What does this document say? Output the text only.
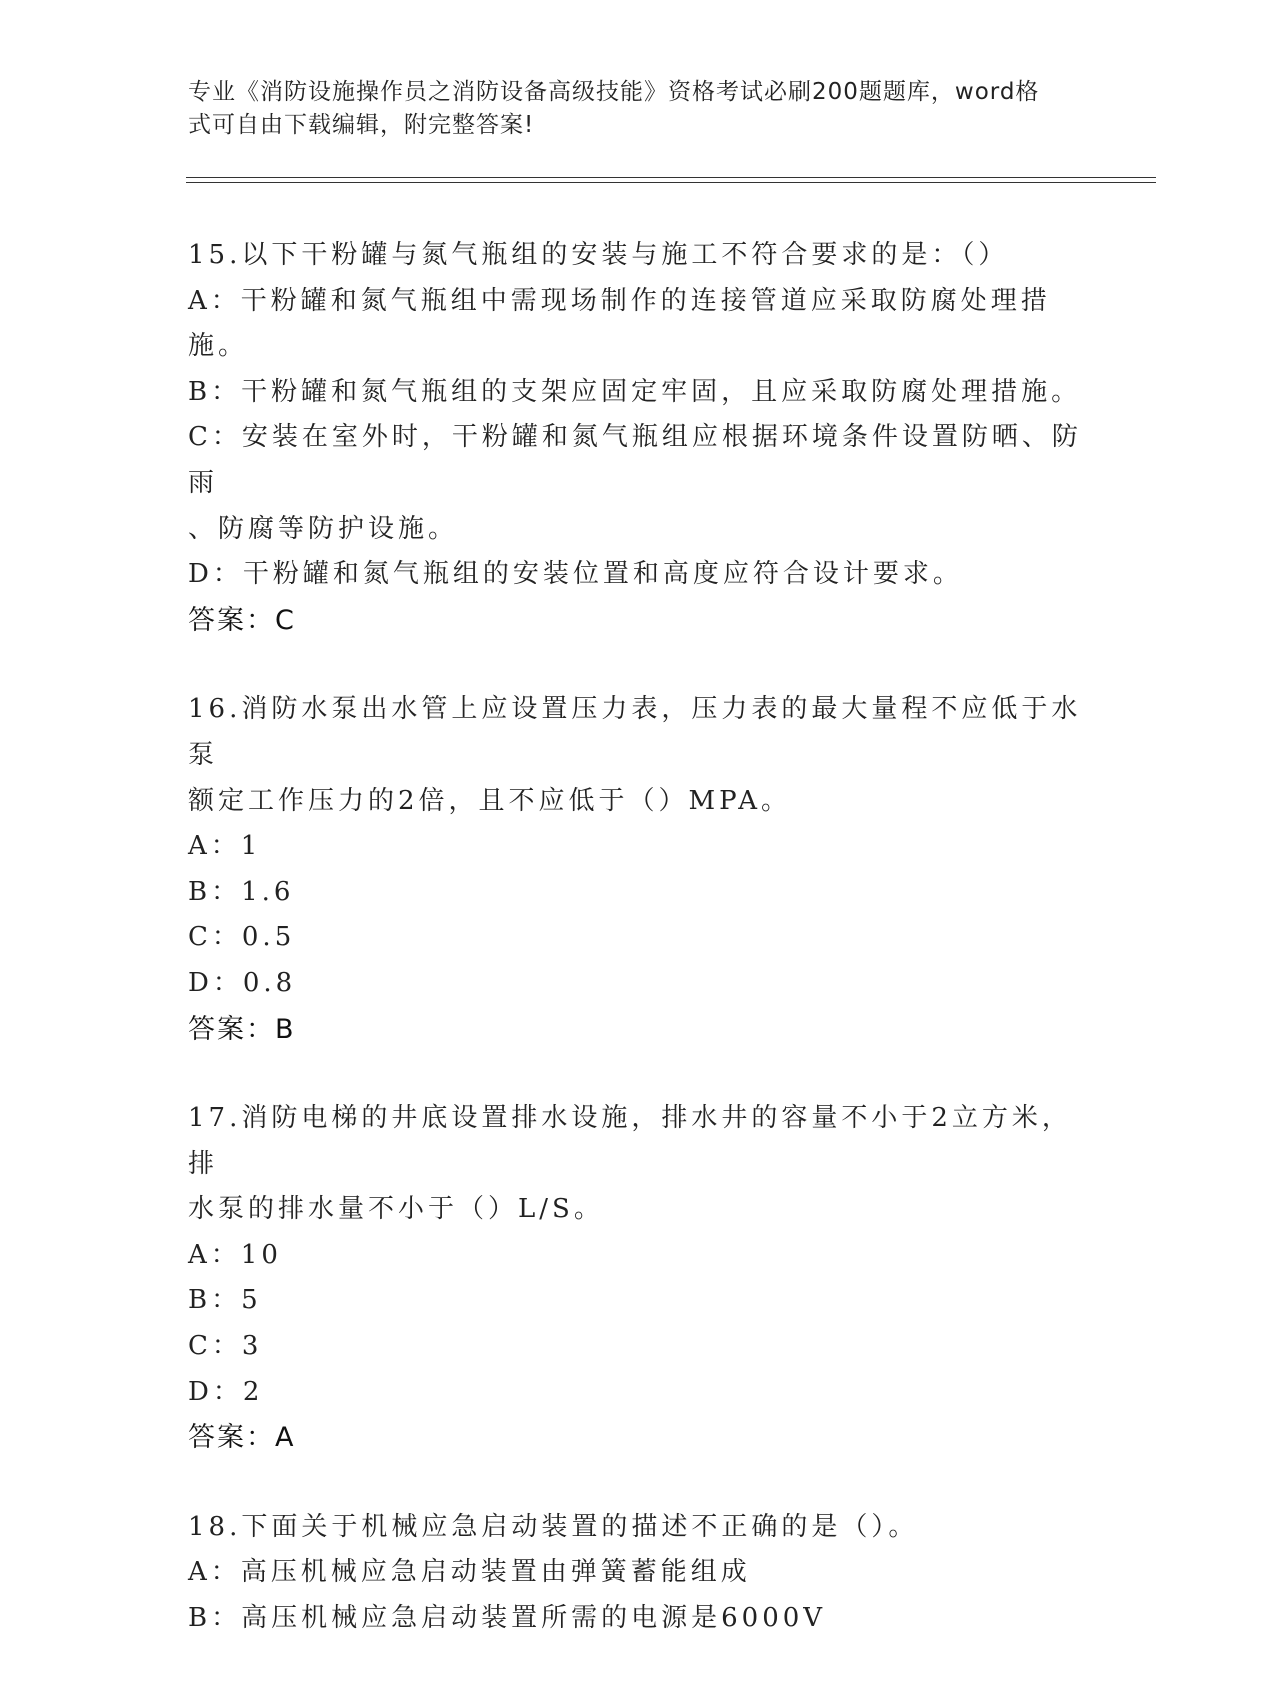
专业《消防设施操作员之消防设备高级技能》资格考试必刷200题题库，word格
式可自由下载编辑，附完整答案!
15.以下干粉罐与氮气瓶组的安装与施工不符合要求的是：（）
A：干粉罐和氮气瓶组中需现场制作的连接管道应采取防腐处理措施。
B：干粉罐和氮气瓶组的支架应固定牢固，且应采取防腐处理措施。
C：安装在室外时，干粉罐和氮气瓶组应根据环境条件设置防晒、防雨
、防腐等防护设施。
D：干粉罐和氮气瓶组的安装位置和高度应符合设计要求。
答案：C
16.消防水泵出水管上应设置压力表，压力表的最大量程不应低于水泵
额定工作压力的2倍，且不应低于（）MPA。
A：1
B：1.6
C：0.5
D：0.8
答案：B
17.消防电梯的井底设置排水设施，排水井的容量不小于2立方米，排
水泵的排水量不小于（）L/S。
A：10
B：5
C：3
D：2
答案：A
18.下面关于机械应急启动装置的描述不正确的是（）。
A：高压机械应急启动装置由弹簧蓄能组成
B：高压机械应急启动装置所需的电源是6000V
